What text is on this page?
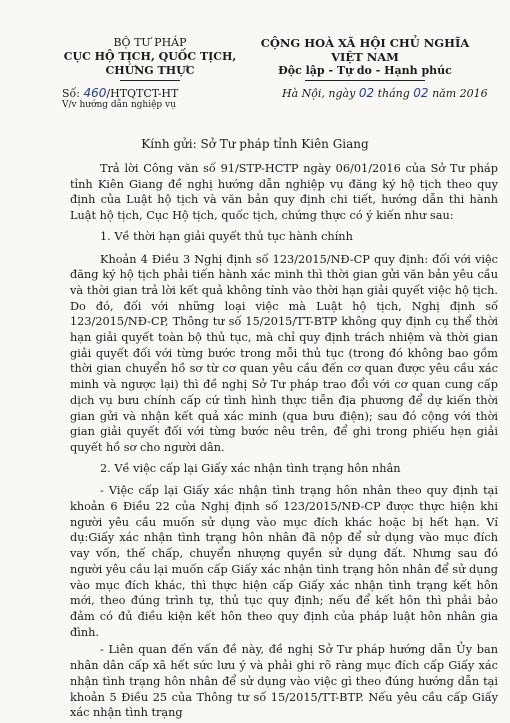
BỘ TƯ PHÁP
CỤC HỘ TỊCH, QUỐC TỊCH,
CHỨNG THỰC
CỘNG HOÀ XÃ HỘI CHỦ NGHĨA VIỆT NAM
Độc lập - Tự do - Hạnh phúc
Số: 460/HTQTCT-HT
V/v hướng dẫn nghiệp vụ
Hà Nội, ngày 02 tháng 02 năm 2016
Kính gửi: Sở Tư pháp tỉnh Kiên Giang

Trả lời Công văn số 91/STP-HCTP ngày 06/01/2016 của Sở Tư pháp tỉnh Kiên Giang đề nghị hướng dẫn nghiệp vụ đăng ký hộ tịch theo quy định của Luật hộ tịch và văn bản quy định chi tiết, hướng dẫn thi hành Luật hộ tịch, Cục Hộ tịch, quốc tịch, chứng thực có ý kiến như sau:

1. Về thời hạn giải quyết thủ tục hành chính

Khoản 4 Điều 3 Nghị định số 123/2015/NĐ-CP quy định: đối với việc đăng ký hộ tịch phải tiến hành xác minh thì thời gian gửi văn bản yêu cầu và thời gian trả lời kết quả không tính vào thời hạn giải quyết việc hộ tịch. Do đó, đối với những loại việc mà Luật hộ tịch, Nghị định số 123/2015/NĐ-CP, Thông tư số 15/2015/TT-BTP không quy định cụ thể thời hạn giải quyết toàn bộ thủ tục, mà chỉ quy định trách nhiệm và thời gian giải quyết đối với từng bước trong mỗi thủ tục (trong đó không bao gồm thời gian chuyển hồ sơ từ cơ quan yêu cầu đến cơ quan được yêu cầu xác minh và ngược lại) thì đề nghị Sở Tư pháp trao đổi với cơ quan cung cấp dịch vụ bưu chính cấp cứ tình hình thực tiễn địa phương để dự kiến thời gian gửi và nhận kết quả xác minh (qua bưu điện); sau đó cộng với thời gian giải quyết đối với từng bước nêu trên, để ghi trong phiếu hẹn giải quyết hồ sơ cho người dân.

2. Về việc cấp lại Giấy xác nhận tình trạng hôn nhân

- Việc cấp lại Giấy xác nhận tình trạng hôn nhân theo quy định tại khoản 6 Điều 22 của Nghị định số 123/2015/NĐ-CP được thực hiện khi người yêu cầu muốn sử dụng vào mục đích khác hoặc bị hết hạn. Ví dụ:Giấy xác nhận tình trạng hôn nhân đã nộp để sử dụng vào mục đích vay vốn, thế chấp, chuyển nhượng quyền sử dụng đất. Nhưng sau đó người yêu cầu lại muốn cấp Giấy xác nhận tình trạng hôn nhân để sử dụng vào mục đích khác, thì thực hiện cấp Giấy xác nhận tình trạng kết hôn mới, theo đúng trình tự, thủ tục quy định; nếu để kết hôn thì phải bảo đảm có đủ điều kiện kết hôn theo quy định của pháp luật hôn nhân gia đình.

- Liên quan đến vấn đề này, đề nghị Sở Tư pháp hướng dẫn Ủy ban nhân dân cấp xã hết sức lưu ý và phải ghi rõ ràng mục đích cấp Giấy xác nhận tình trạng hôn nhân để sử dụng vào việc gì theo đúng hướng dẫn tại khoản 5 Điều 25 của Thông tư số 15/2015/TT-BTP. Nếu yêu cầu cấp Giấy xác nhận tình trạng
